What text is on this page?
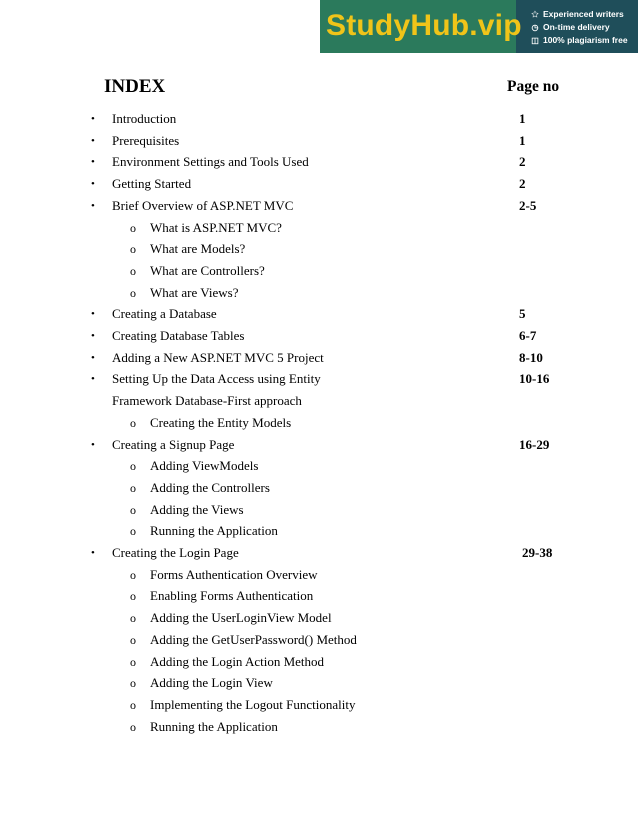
StudyHub.vip ✩ Experienced writers
◷ On-time delivery
◫ 100% plagiarism free
INDEX	Page no
• Introduction	1
• Prerequisites	1
• Environment Settings and Tools Used	2
• Getting Started	2
• Brief Overview of ASP.NET MVC	2-5
o What is ASP.NET MVC?
o What are Models?
o What are Controllers?
o What are Views?
• Creating a Database	5
• Creating Database Tables	6-7
• Adding a New ASP.NET MVC 5 Project	8-10
• Setting Up the Data Access using Entity	10-16
Framework Database-First approach
o Creating the Entity Models
• Creating a Signup Page	16-29
o Adding ViewModels
o Adding the Controllers
o Adding the Views
o Running the Application
• Creating the Login Page	29-38
o Forms Authentication Overview
o Enabling Forms Authentication
o Adding the UserLoginView Model
o Adding the GetUserPassword() Method
o Adding the Login Action Method
o Adding the Login View
o Implementing the Logout Functionality
o Running the Application
